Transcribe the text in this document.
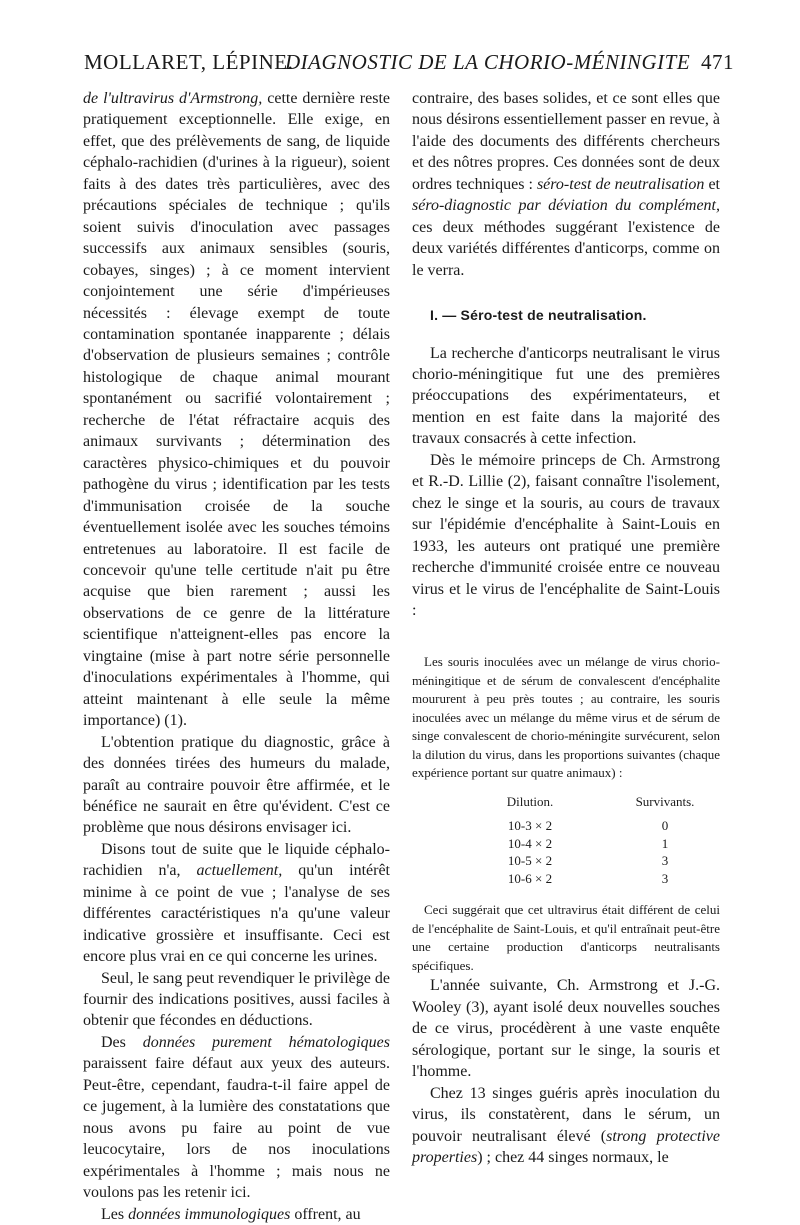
MOLLARET, LÉPINE.
DIAGNOSTIC DE LA CHORIO-MÉNINGITE 471

de l'ultravirus d'Armstrong, cette dernière reste pratiquement exceptionnelle. Elle exige, en effet, que des prélèvements de sang, de liquide céphalo-rachidien (d'urines à la rigueur), soient faits à des dates très particulières, avec des précautions spéciales de technique ; qu'ils soient suivis d'inoculation avec passages successifs aux animaux sensibles (souris, cobayes, singes) ; à ce moment intervient conjointement une série d'impérieuses nécessités : élevage exempt de toute contamination spontanée inapparente ; délais d'observation de plusieurs semaines ; contrôle histologique de chaque animal mourant spontanément ou sacrifié volontairement ; recherche de l'état réfractaire acquis des animaux survivants ; détermination des caractères physico-chimiques et du pouvoir pathogène du virus ; identification par les tests d'immunisation croisée de la souche éventuellement isolée avec les souches témoins entretenues au laboratoire. Il est facile de concevoir qu'une telle certitude n'ait pu être acquise que bien rarement ; aussi les observations de ce genre de la littérature scientifique n'atteignent-elles pas encore la vingtaine (mise à part notre série personnelle d'inoculations expérimentales à l'homme, qui atteint maintenant à elle seule la même importance) (1).

L'obtention pratique du diagnostic, grâce à des données tirées des humeurs du malade, paraît au contraire pouvoir être affirmée, et le bénéfice ne saurait en être qu'évident. C'est ce problème que nous désirons envisager ici.

Disons tout de suite que le liquide céphalo-rachidien n'a, actuellement, qu'un intérêt minime à ce point de vue ; l'analyse de ses différentes caractéristiques n'a qu'une valeur indicative grossière et insuffisante. Ceci est encore plus vrai en ce qui concerne les urines.

Seul, le sang peut revendiquer le privilège de fournir des indications positives, aussi faciles à obtenir que fécondes en déductions.

Des données purement hématologiques paraissent faire défaut aux yeux des auteurs. Peut-être, cependant, faudra-t-il faire appel de ce jugement, à la lumière des constatations que nous avons pu faire au point de vue leucocytaire, lors de nos inoculations expérimentales à l'homme ; mais nous ne voulons pas les retenir ici.

Les données immunologiques offrent, au

contraire, des bases solides, et ce sont elles que nous désirons essentiellement passer en revue, à l'aide des documents des différents chercheurs et des nôtres propres. Ces données sont de deux ordres techniques : séro-test de neutralisation et séro-diagnostic par déviation du complément, ces deux méthodes suggérant l'existence de deux variétés différentes d'anticorps, comme on le verra.

I. — Séro-test de neutralisation.

La recherche d'anticorps neutralisant le virus chorio-méningitique fut une des premières préoccupations des expérimentateurs, et mention en est faite dans la majorité des travaux consacrés à cette infection.

Dès le mémoire princeps de Ch. Armstrong et R.-D. Lillie (2), faisant connaître l'isolement, chez le singe et la souris, au cours de travaux sur l'épidémie d'encéphalite à Saint-Louis en 1933, les auteurs ont pratiqué une première recherche d'immunité croisée entre ce nouveau virus et le virus de l'encéphalite de Saint-Louis :

Les souris inoculées avec un mélange de virus chorio-méningitique et de sérum de convalescent d'encéphalite moururent à peu près toutes ; au contraire, les souris inoculées avec un mélange du même virus et de sérum de singe convalescent de chorio-méningite survécurent, selon la dilution du virus, dans les proportions suivantes (chaque expérience portant sur quatre animaux) :

Dilution.	Survivants.
10-3 × 2	0
10-4 × 2	1
10-5 × 2	3
10-6 × 2	3

Ceci suggérait que cet ultravirus était différent de celui de l'encéphalite de Saint-Louis, et qu'il entraînait peut-être une certaine production d'anticorps neutralisants spécifiques.

L'année suivante, Ch. Armstrong et J.-G. Wooley (3), ayant isolé deux nouvelles souches de ce virus, procédèrent à une vaste enquête sérologique, portant sur le singe, la souris et l'homme.

Chez 13 singes guéris après inoculation du virus, ils constatèrent, dans le sérum, un pouvoir neutralisant élevé (strong protective properties) ; chez 44 singes normaux, le
